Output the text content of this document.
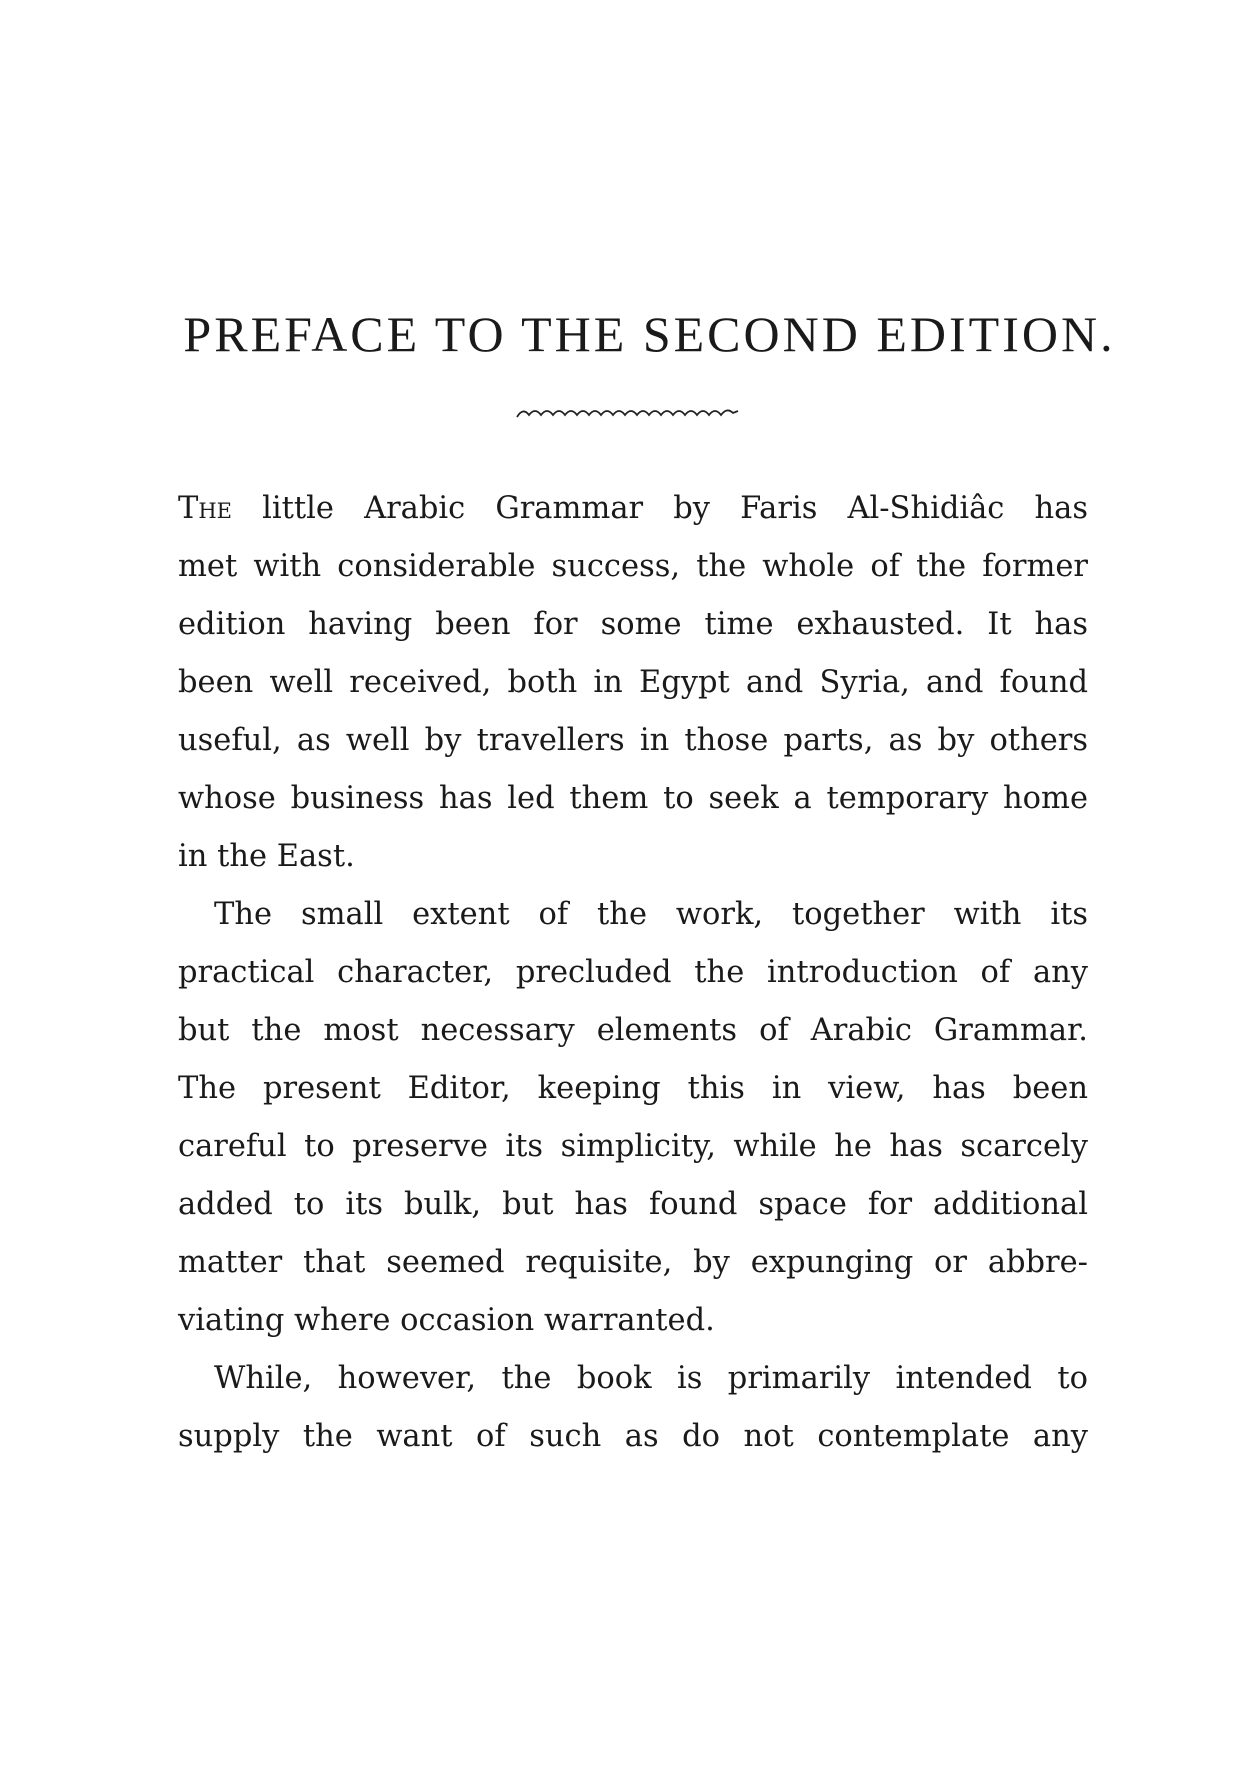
PREFACE TO THE SECOND EDITION.
The little Arabic Grammar by Faris Al-Shidiâc has
met with considerable success, the whole of the former
edition having been for some time exhausted. It has
been well received, both in Egypt and Syria, and found
useful, as well by travellers in those parts, as by others
whose business has led them to seek a temporary home
in the East.
The small extent of the work, together with its
practical character, precluded the introduction of any
but the most necessary elements of Arabic Grammar.
The present Editor, keeping this in view, has been
careful to preserve its simplicity, while he has scarcely
added to its bulk, but has found space for additional
matter that seemed requisite, by expunging or abbre-
viating where occasion warranted.
While, however, the book is primarily intended to
supply the want of such as do not contemplate any
